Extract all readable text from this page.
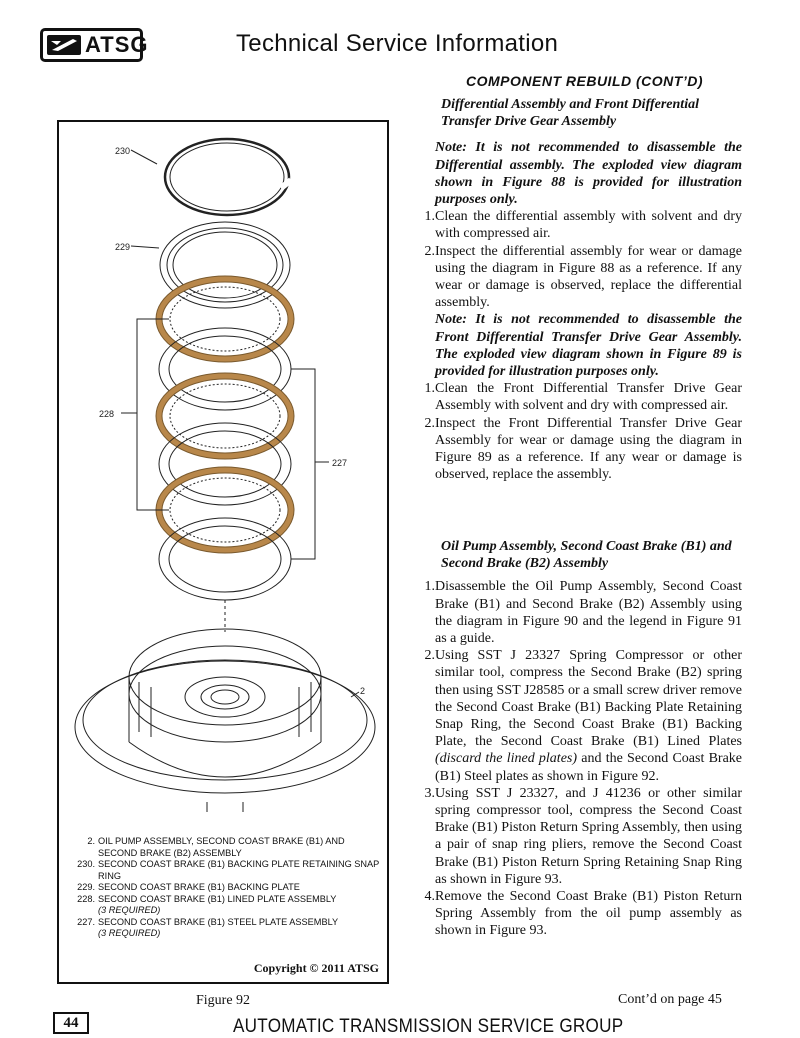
ATSG	Technical Service Information
230
229
228
227
2
2. OIL PUMP ASSEMBLY, SECOND COAST BRAKE (B1) AND SECOND BRAKE (B2) ASSEMBLY
230. SECOND COAST BRAKE (B1) BACKING PLATE RETAINING SNAP RING
229. SECOND COAST BRAKE (B1) BACKING PLATE
228. SECOND COAST BRAKE (B1) LINED PLATE ASSEMBLY
(3 REQUIRED)
227. SECOND COAST BRAKE (B1) STEEL PLATE ASSEMBLY
(3 REQUIRED)
Copyright © 2011 ATSG
Figure 92
COMPONENT REBUILD (CONT’D)
Differential Assembly and Front Differential Transfer Drive Gear Assembly
Note: It is not recommended to disassemble the Differential assembly. The exploded view diagram shown in Figure 88 is provided for illustration purposes only.
1. Clean the differential assembly with solvent and dry with compressed air.
2. Inspect the differential assembly for wear or damage using the diagram in Figure 88 as a reference. If any wear or damage is observed, replace the differential assembly.
Note: It is not recommended to disassemble the Front Differential Transfer Drive Gear Assembly. The exploded view diagram shown in Figure 89 is provided for illustration purposes only.
1. Clean the Front Differential Transfer Drive Gear Assembly with solvent and dry with compressed air.
2. Inspect the Front Differential Transfer Drive Gear Assembly for wear or damage using the diagram in Figure 89 as a reference. If any wear or damage is observed, replace the assembly.
Oil Pump Assembly, Second Coast Brake (B1) and Second Brake (B2) Assembly
1. Disassemble the Oil Pump Assembly, Second Coast Brake (B1) and Second Brake (B2) Assembly using the diagram in Figure 90 and the legend in Figure 91 as a guide.
2. Using SST J 23327 Spring Compressor or other similar tool, compress the Second Brake (B2) spring then using SST J28585 or a small screw driver remove the Second Coast Brake (B1) Backing Plate Retaining Snap Ring, the Second Coast Brake (B1) Backing Plate, the Second Coast Brake (B1) Lined Plates (discard the lined plates) and the Second Coast Brake (B1) Steel plates as shown in Figure 92.
3. Using SST J 23327, and J 41236 or other similar spring compressor tool, compress the Second Coast Brake (B1) Piston Return Spring Assembly, then using a pair of snap ring pliers, remove the Second Coast Brake (B1) Piston Return Spring Retaining Snap Ring as shown in Figure 93.
4. Remove the Second Coast Brake (B1) Piston Return Spring Assembly from the oil pump assembly as shown in Figure 93.
Cont’d on page 45
44	AUTOMATIC TRANSMISSION SERVICE GROUP
